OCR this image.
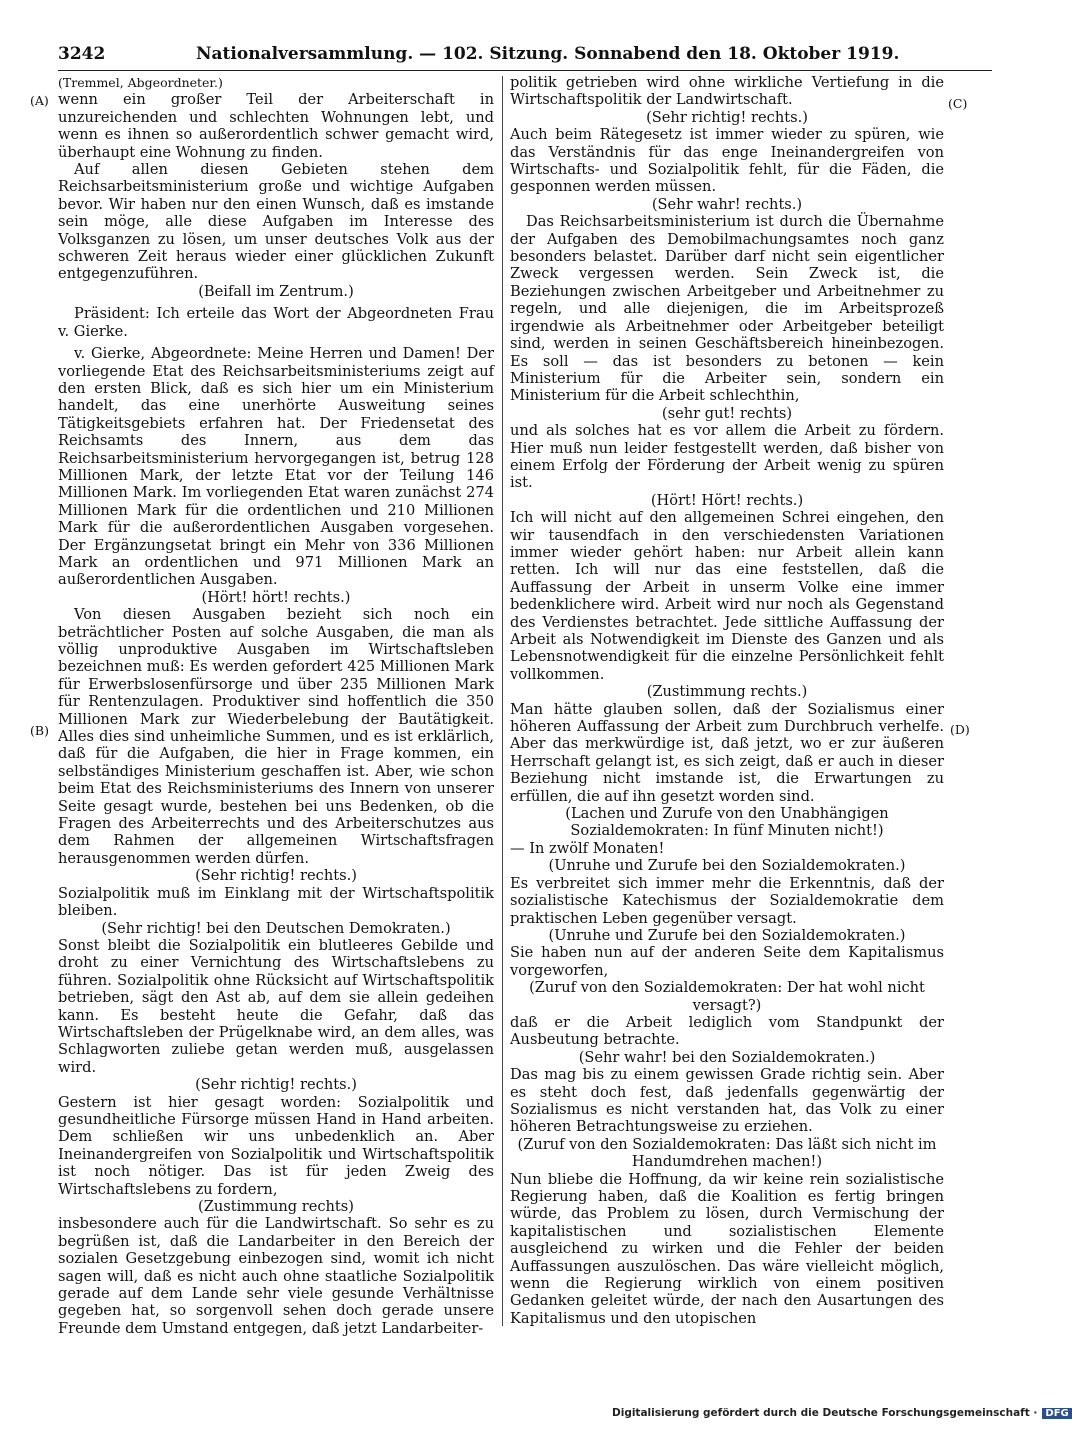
3242	Nationalversammlung. — 102. Sitzung. Sonnabend den 18. Oktober 1919.
(A)
(B)
(C)
(D)

(Tremmel, Abgeordneter.)

wenn ein großer Teil der Arbeiterschaft in unzureichenden und schlechten Wohnungen lebt, und wenn es ihnen so außerordentlich schwer gemacht wird, überhaupt eine Wohnung zu finden.

Auf allen diesen Gebieten stehen dem Reichsarbeitsministerium große und wichtige Aufgaben bevor. Wir haben nur den einen Wunsch, daß es imstande sein möge, alle diese Aufgaben im Interesse des Volksganzen zu lösen, um unser deutsches Volk aus der schweren Zeit heraus wieder einer glücklichen Zukunft entgegenzuführen.

(Beifall im Zentrum.)

Präsident: Ich erteile das Wort der Abgeordneten Frau v. Gierke.

v. Gierke, Abgeordnete: Meine Herren und Damen! Der vorliegende Etat des Reichsarbeitsministeriums zeigt auf den ersten Blick, daß es sich hier um ein Ministerium handelt, das eine unerhörte Ausweitung seines Tätigkeitsgebiets erfahren hat. Der Friedensetat des Reichsamts des Innern, aus dem das Reichsarbeitsministerium hervorgegangen ist, betrug 128 Millionen Mark, der letzte Etat vor der Teilung 146 Millionen Mark. Im vorliegenden Etat waren zunächst 274 Millionen Mark für die ordentlichen und 210 Millionen Mark für die außerordentlichen Ausgaben vorgesehen. Der Ergänzungsetat bringt ein Mehr von 336 Millionen Mark an ordentlichen und 971 Millionen Mark an außerordentlichen Ausgaben.

(Hört! hört! rechts.)

Von diesen Ausgaben bezieht sich noch ein beträchtlicher Posten auf solche Ausgaben, die man als völlig unproduktive Ausgaben im Wirtschaftsleben bezeichnen muß: Es werden gefordert 425 Millionen Mark für Erwerbslosenfürsorge und über 235 Millionen Mark für Rentenzulagen. Produktiver sind hoffentlich die 350 Millionen Mark zur Wiederbelebung der Bautätigkeit. Alles dies sind unheimliche Summen, und es ist erklärlich, daß für die Aufgaben, die hier in Frage kommen, ein selbständiges Ministerium geschaffen ist. Aber, wie schon beim Etat des Reichsministeriums des Innern von unserer Seite gesagt wurde, bestehen bei uns Bedenken, ob die Fragen des Arbeiterrechts und des Arbeiterschutzes aus dem Rahmen der allgemeinen Wirtschaftsfragen herausgenommen werden dürfen.

(Sehr richtig! rechts.)

Sozialpolitik muß im Einklang mit der Wirtschaftspolitik bleiben.

(Sehr richtig! bei den Deutschen Demokraten.)

Sonst bleibt die Sozialpolitik ein blutleeres Gebilde und droht zu einer Vernichtung des Wirtschaftslebens zu führen. Sozialpolitik ohne Rücksicht auf Wirtschaftspolitik betrieben, sägt den Ast ab, auf dem sie allein gedeihen kann. Es besteht heute die Gefahr, daß das Wirtschaftsleben der Prügelknabe wird, an dem alles, was Schlagworten zuliebe getan werden muß, ausgelassen wird.

(Sehr richtig! rechts.)

Gestern ist hier gesagt worden: Sozialpolitik und gesundheitliche Fürsorge müssen Hand in Hand arbeiten. Dem schließen wir uns unbedenklich an. Aber Ineinandergreifen von Sozialpolitik und Wirtschaftspolitik ist noch nötiger. Das ist für jeden Zweig des Wirtschaftslebens zu fordern,

(Zustimmung rechts)

insbesondere auch für die Landwirtschaft. So sehr es zu begrüßen ist, daß die Landarbeiter in den Bereich der sozialen Gesetzgebung einbezogen sind, womit ich nicht sagen will, daß es nicht auch ohne staatliche Sozialpolitik gerade auf dem Lande sehr viele gesunde Verhältnisse gegeben hat, so sorgenvoll sehen doch gerade unsere Freunde dem Umstand entgegen, daß jetzt Landarbeiter-

politik getrieben wird ohne wirkliche Vertiefung in die Wirtschaftspolitik der Landwirtschaft.

(Sehr richtig! rechts.)

Auch beim Rätegesetz ist immer wieder zu spüren, wie das Verständnis für das enge Ineinandergreifen von Wirtschafts- und Sozialpolitik fehlt, für die Fäden, die gesponnen werden müssen.

(Sehr wahr! rechts.)

Das Reichsarbeitsministerium ist durch die Übernahme der Aufgaben des Demobilmachungsamtes noch ganz besonders belastet. Darüber darf nicht sein eigentlicher Zweck vergessen werden. Sein Zweck ist, die Beziehungen zwischen Arbeitgeber und Arbeitnehmer zu regeln, und alle diejenigen, die im Arbeitsprozeß irgendwie als Arbeitnehmer oder Arbeitgeber beteiligt sind, werden in seinen Geschäftsbereich hineinbezogen. Es soll — das ist besonders zu betonen — kein Ministerium für die Arbeiter sein, sondern ein Ministerium für die Arbeit schlechthin,

(sehr gut! rechts)

und als solches hat es vor allem die Arbeit zu fördern. Hier muß nun leider festgestellt werden, daß bisher von einem Erfolg der Förderung der Arbeit wenig zu spüren ist.

(Hört! Hört! rechts.)

Ich will nicht auf den allgemeinen Schrei eingehen, den wir tausendfach in den verschiedensten Variationen immer wieder gehört haben: nur Arbeit allein kann retten. Ich will nur das eine feststellen, daß die Auffassung der Arbeit in unserm Volke eine immer bedenklichere wird. Arbeit wird nur noch als Gegenstand des Verdienstes betrachtet. Jede sittliche Auffassung der Arbeit als Notwendigkeit im Dienste des Ganzen und als Lebensnotwendigkeit für die einzelne Persönlichkeit fehlt vollkommen.

(Zustimmung rechts.)

Man hätte glauben sollen, daß der Sozialismus einer höheren Auffassung der Arbeit zum Durchbruch verhelfe. Aber das merkwürdige ist, daß jetzt, wo er zur äußeren Herrschaft gelangt ist, es sich zeigt, daß er auch in dieser Beziehung nicht imstande ist, die Erwartungen zu erfüllen, die auf ihn gesetzt worden sind.

(Lachen und Zurufe von den Unabhängigen Sozialdemokraten: In fünf Minuten nicht!)

— In zwölf Monaten!

(Unruhe und Zurufe bei den Sozialdemokraten.)

Es verbreitet sich immer mehr die Erkenntnis, daß der sozialistische Katechismus der Sozialdemokratie dem praktischen Leben gegenüber versagt.

(Unruhe und Zurufe bei den Sozialdemokraten.)

Sie haben nun auf der anderen Seite dem Kapitalismus vorgeworfen,

(Zuruf von den Sozialdemokraten: Der hat wohl nicht versagt?)

daß er die Arbeit lediglich vom Standpunkt der Ausbeutung betrachte.

(Sehr wahr! bei den Sozialdemokraten.)

Das mag bis zu einem gewissen Grade richtig sein. Aber es steht doch fest, daß jedenfalls gegenwärtig der Sozialismus es nicht verstanden hat, das Volk zu einer höheren Betrachtungsweise zu erziehen.

(Zuruf von den Sozialdemokraten: Das läßt sich nicht im Handumdrehen machen!)

Nun bliebe die Hoffnung, da wir keine rein sozialistische Regierung haben, daß die Koalition es fertig bringen würde, das Problem zu lösen, durch Vermischung der kapitalistischen und sozialistischen Elemente ausgleichend zu wirken und die Fehler der beiden Auffassungen auszulöschen. Das wäre vielleicht möglich, wenn die Regierung wirklich von einem positiven Gedanken geleitet würde, der nach den Ausartungen des Kapitalismus und den utopischen

Digitalisierung gefördert durch die Deutsche Forschungsgemeinschaft · DFG
